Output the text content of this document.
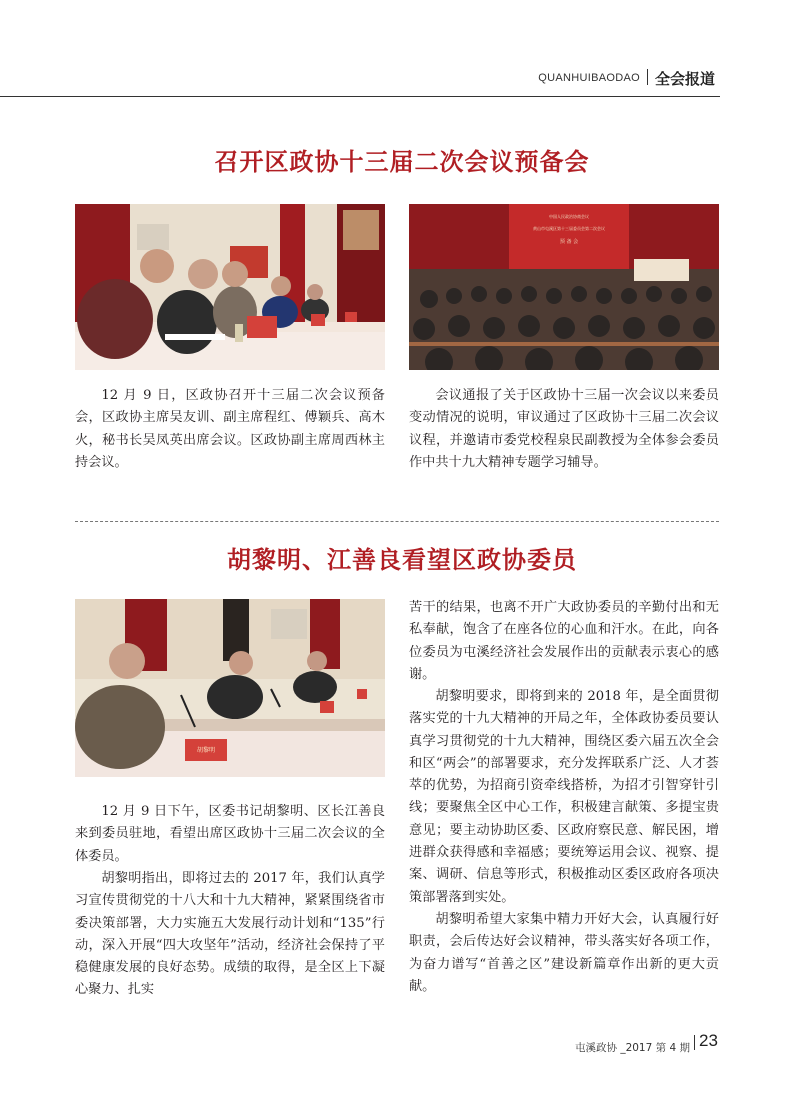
QUANHUIBAODAO 全会报道
召开区政协十三届二次会议预备会
中国人民政治协商会议
黄山市屯溪区第十三届委员会第二次会议
预 备 会
12 月 9 日，区政协召开十三届二次会议预备会，区政协主席吴友训、副主席程红、傅颖兵、高木火，秘书长吴凤英出席会议。区政协副主席周西林主持会议。
会议通报了关于区政协十三届一次会议以来委员变动情况的说明，审议通过了区政协十三届二次会议议程，并邀请市委党校程泉民副教授为全体参会委员作中共十九大精神专题学习辅导。
胡黎明、江善良看望区政协委员
胡黎明
12 月 9 日下午，区委书记胡黎明、区长江善良来到委员驻地，看望出席区政协十三届二次会议的全体委员。
胡黎明指出，即将过去的 2017 年，我们认真学习宣传贯彻党的十八大和十九大精神，紧紧围绕省市委决策部署，大力实施五大发展行动计划和“135”行动，深入开展“四大攻坚年”活动，经济社会保持了平稳健康发展的良好态势。成绩的取得，是全区上下凝心聚力、扎实
苦干的结果，也离不开广大政协委员的辛勤付出和无私奉献，饱含了在座各位的心血和汗水。在此，向各位委员为屯溪经济社会发展作出的贡献表示衷心的感谢。
胡黎明要求，即将到来的 2018 年，是全面贯彻落实党的十九大精神的开局之年，全体政协委员要认真学习贯彻党的十九大精神，围绕区委六届五次全会和区“两会”的部署要求，充分发挥联系广泛、人才荟萃的优势，为招商引资牵线搭桥，为招才引智穿针引线；要聚焦全区中心工作，积极建言献策、多提宝贵意见；要主动协助区委、区政府察民意、解民困，增进群众获得感和幸福感；要统筹运用会议、视察、提案、调研、信息等形式，积极推动区委区政府各项决策部署落到实处。
胡黎明希望大家集中精力开好大会，认真履行好职责，会后传达好会议精神，带头落实好各项工作，为奋力谱写“首善之区”建设新篇章作出新的更大贡献。
屯溪政协 _2017 第 4 期 23
